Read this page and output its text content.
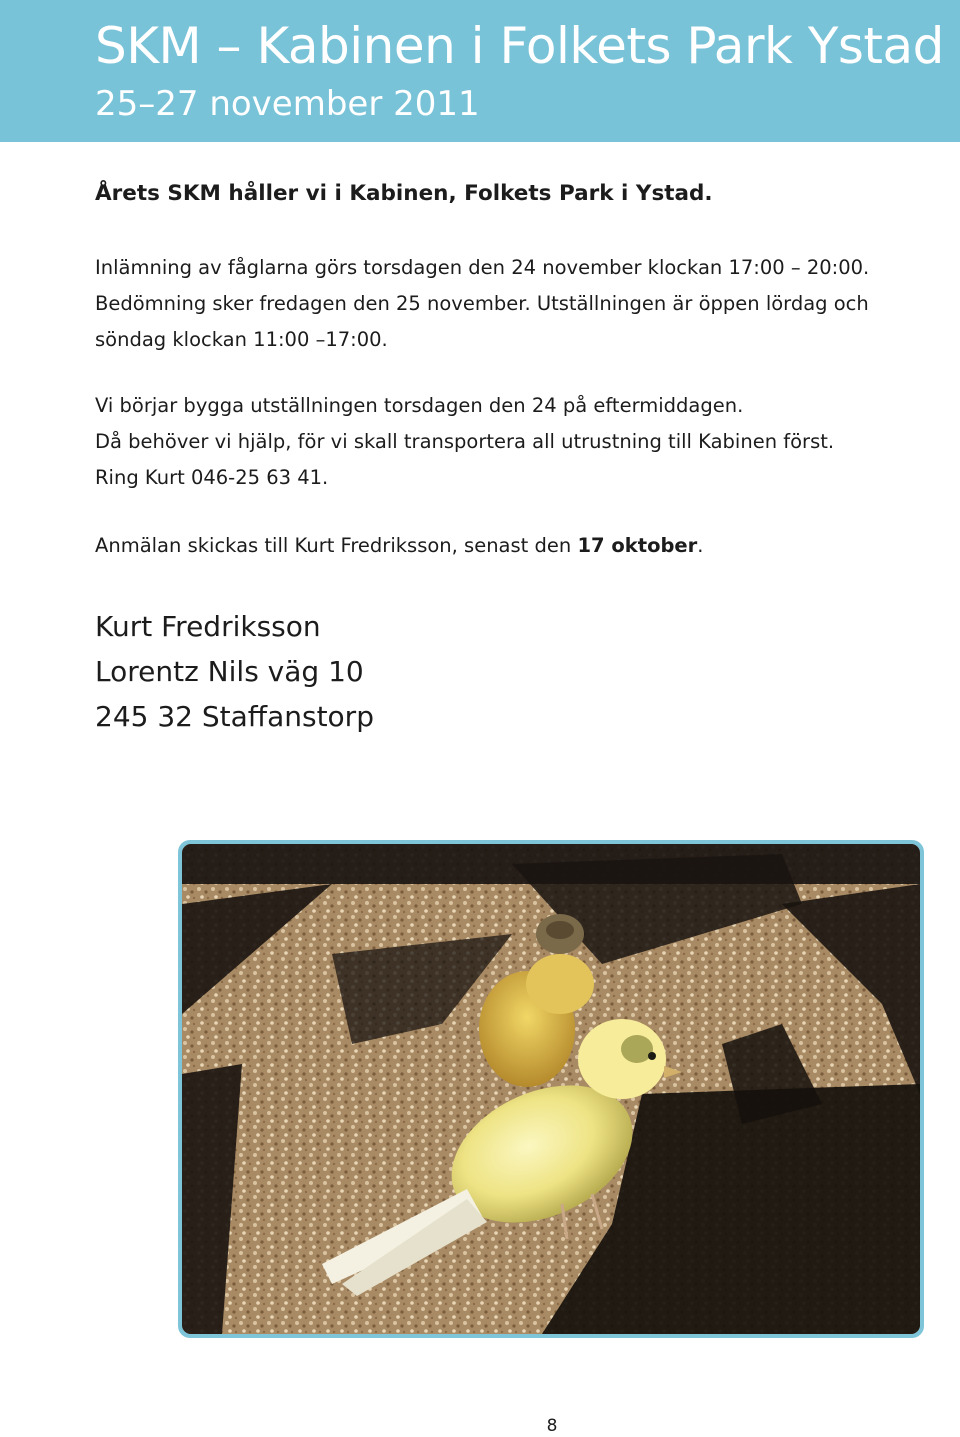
SKM – Kabinen i Folkets Park Ystad
25–27 november 2011

Årets SKM håller vi i Kabinen, Folkets Park i Ystad.

Inlämning av fåglarna görs torsdagen den 24 november klockan 17:00 – 20:00.
Bedömning sker fredagen den 25 november. Utställningen är öppen lördag och
söndag klockan 11:00 –17:00.

Vi börjar bygga utställningen torsdagen den 24 på eftermiddagen.
Då behöver vi hjälp, för vi skall transportera all utrustning till Kabinen först.
Ring Kurt 046-25 63 41.

Anmälan skickas till Kurt Fredriksson, senast den 17 oktober.

Kurt Fredriksson
Lorentz Nils väg 10
245 32 Staffanstorp

8
